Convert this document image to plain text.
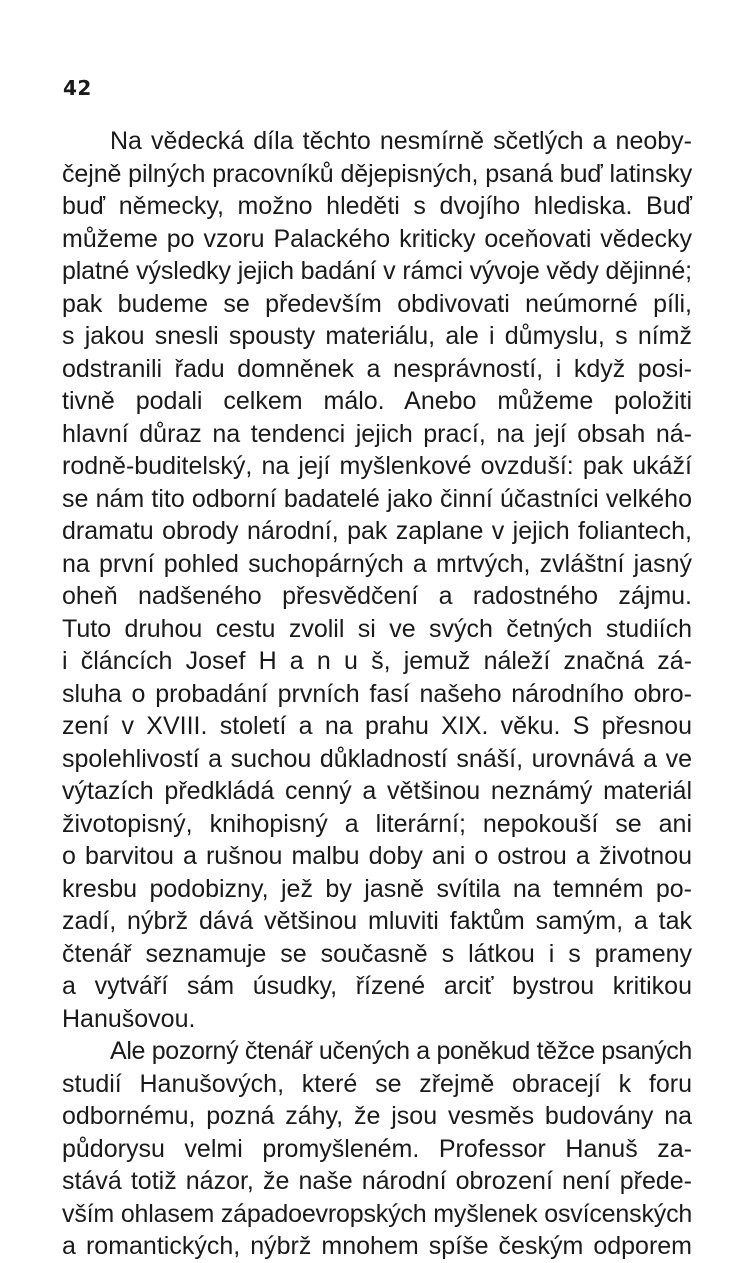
42
Na vědecká díla těchto nesmírně sčetlých a neoby-
čejně pilných pracovníků dějepisných, psaná buď latinsky
buď německy, možno hleděti s dvojího hlediska. Buď
můžeme po vzoru Palackého kriticky oceňovati vědecky
platné výsledky jejich badání v rámci vývoje vědy dějinné;
pak budeme se především obdivovati neúmorné píli,
s jakou snesli spousty materiálu, ale i důmyslu, s nímž
odstranili řadu domněnek a nesprávností, i když posi-
tivně podali celkem málo. Anebo můžeme položiti
hlavní důraz na tendenci jejich prací, na její obsah ná-
rodně-buditelský, na její myšlenkové ovzduší: pak ukáží
se nám tito odborní badatelé jako činní účastníci velkého
dramatu obrody národní, pak zaplane v jejich foliantech,
na první pohled suchopárných a mrtvých, zvláštní jasný
oheň nadšeného přesvědčení a radostného zájmu.
Tuto druhou cestu zvolil si ve svých četných studiích
i článcích Josef H a n u š, jemuž náleží značná zá-
sluha o probadání prvních fasí našeho národního obro-
zení v XVIII. století a na prahu XIX. věku. S přesnou
spolehlivostí a suchou důkladností snáší, urovnává a ve
výtazích předkládá cenný a většinou neznámý materiál
životopisný, knihopisný a literární; nepokouší se ani
o barvitou a rušnou malbu doby ani o ostrou a životnou
kresbu podobizny, jež by jasně svítila na temném po-
zadí, nýbrž dává většinou mluviti faktům samým, a tak
čtenář seznamuje se současně s látkou i s prameny
a vytváří sám úsudky, řízené arciť bystrou kritikou
Hanušovou.
Ale pozorný čtenář učených a poněkud těžce psaných
studií Hanušových, které se zřejmě obracejí k foru
odbornému, pozná záhy, že jsou vesměs budovány na
půdorysu velmi promyšleném. Professor Hanuš za-
stává totiž názor, že naše národní obrození není přede-
vším ohlasem západoevropských myšlenek osvícenských
a romantických, nýbrž mnohem spíše českým odporem
